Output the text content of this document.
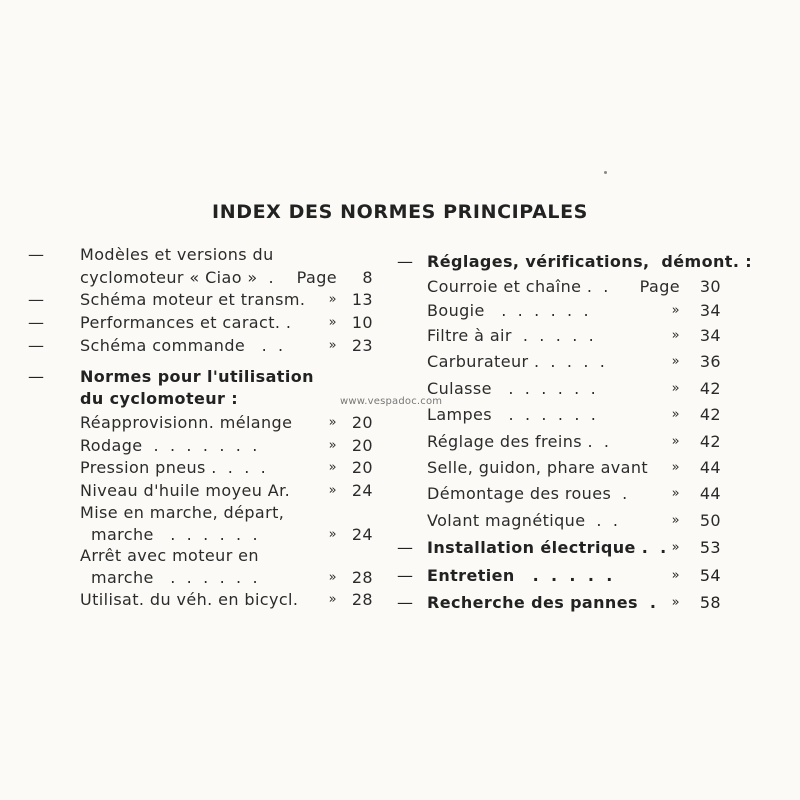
INDEX DES NORMES PRINCIPALES
www.vespadoc.com
— Modèles et versions du
cyclomoteur « Ciao »  . Page	8
— Schéma moteur et transm. » 13
— Performances et caract. .	» 10
— Schéma commande   .  .	» 23
— Normes pour l'utilisation
du cyclomoteur :
Réapprovisionn. mélange	» 20
Rodage  .  .  .  .  .  .  .	» 20
Pression pneus .  .  .  .	» 20
Niveau d'huile moyeu Ar.	» 24
Mise en marche, départ,
marche   .  .  .  .  .  .	» 24
Arrêt avec moteur en
marche   .  .  .  .  .  .	» 28
Utilisat. du véh. en bicycl. » 28
— Réglages, vérifications,  démont. :
Courroie et chaîne .  . Page	30
Bougie   .  .  .  .  .  .	»	34
Filtre à air  .  .  .  .  .	»	34
Carburateur .  .  .  .  .	»	36
Culasse   .  .  .  .  .  .	»	42
Lampes   .  .  .  .  .  .	»	42
Réglage des freins .  .	»	42
Selle, guidon, phare avant »	44
Démontage des roues  .	»	44
Volant magnétique  .  .	»	50
— Installation électrique .  . »	53
— Entretien   .  .  .  .  .	»	54
— Recherche des pannes  . »	58
